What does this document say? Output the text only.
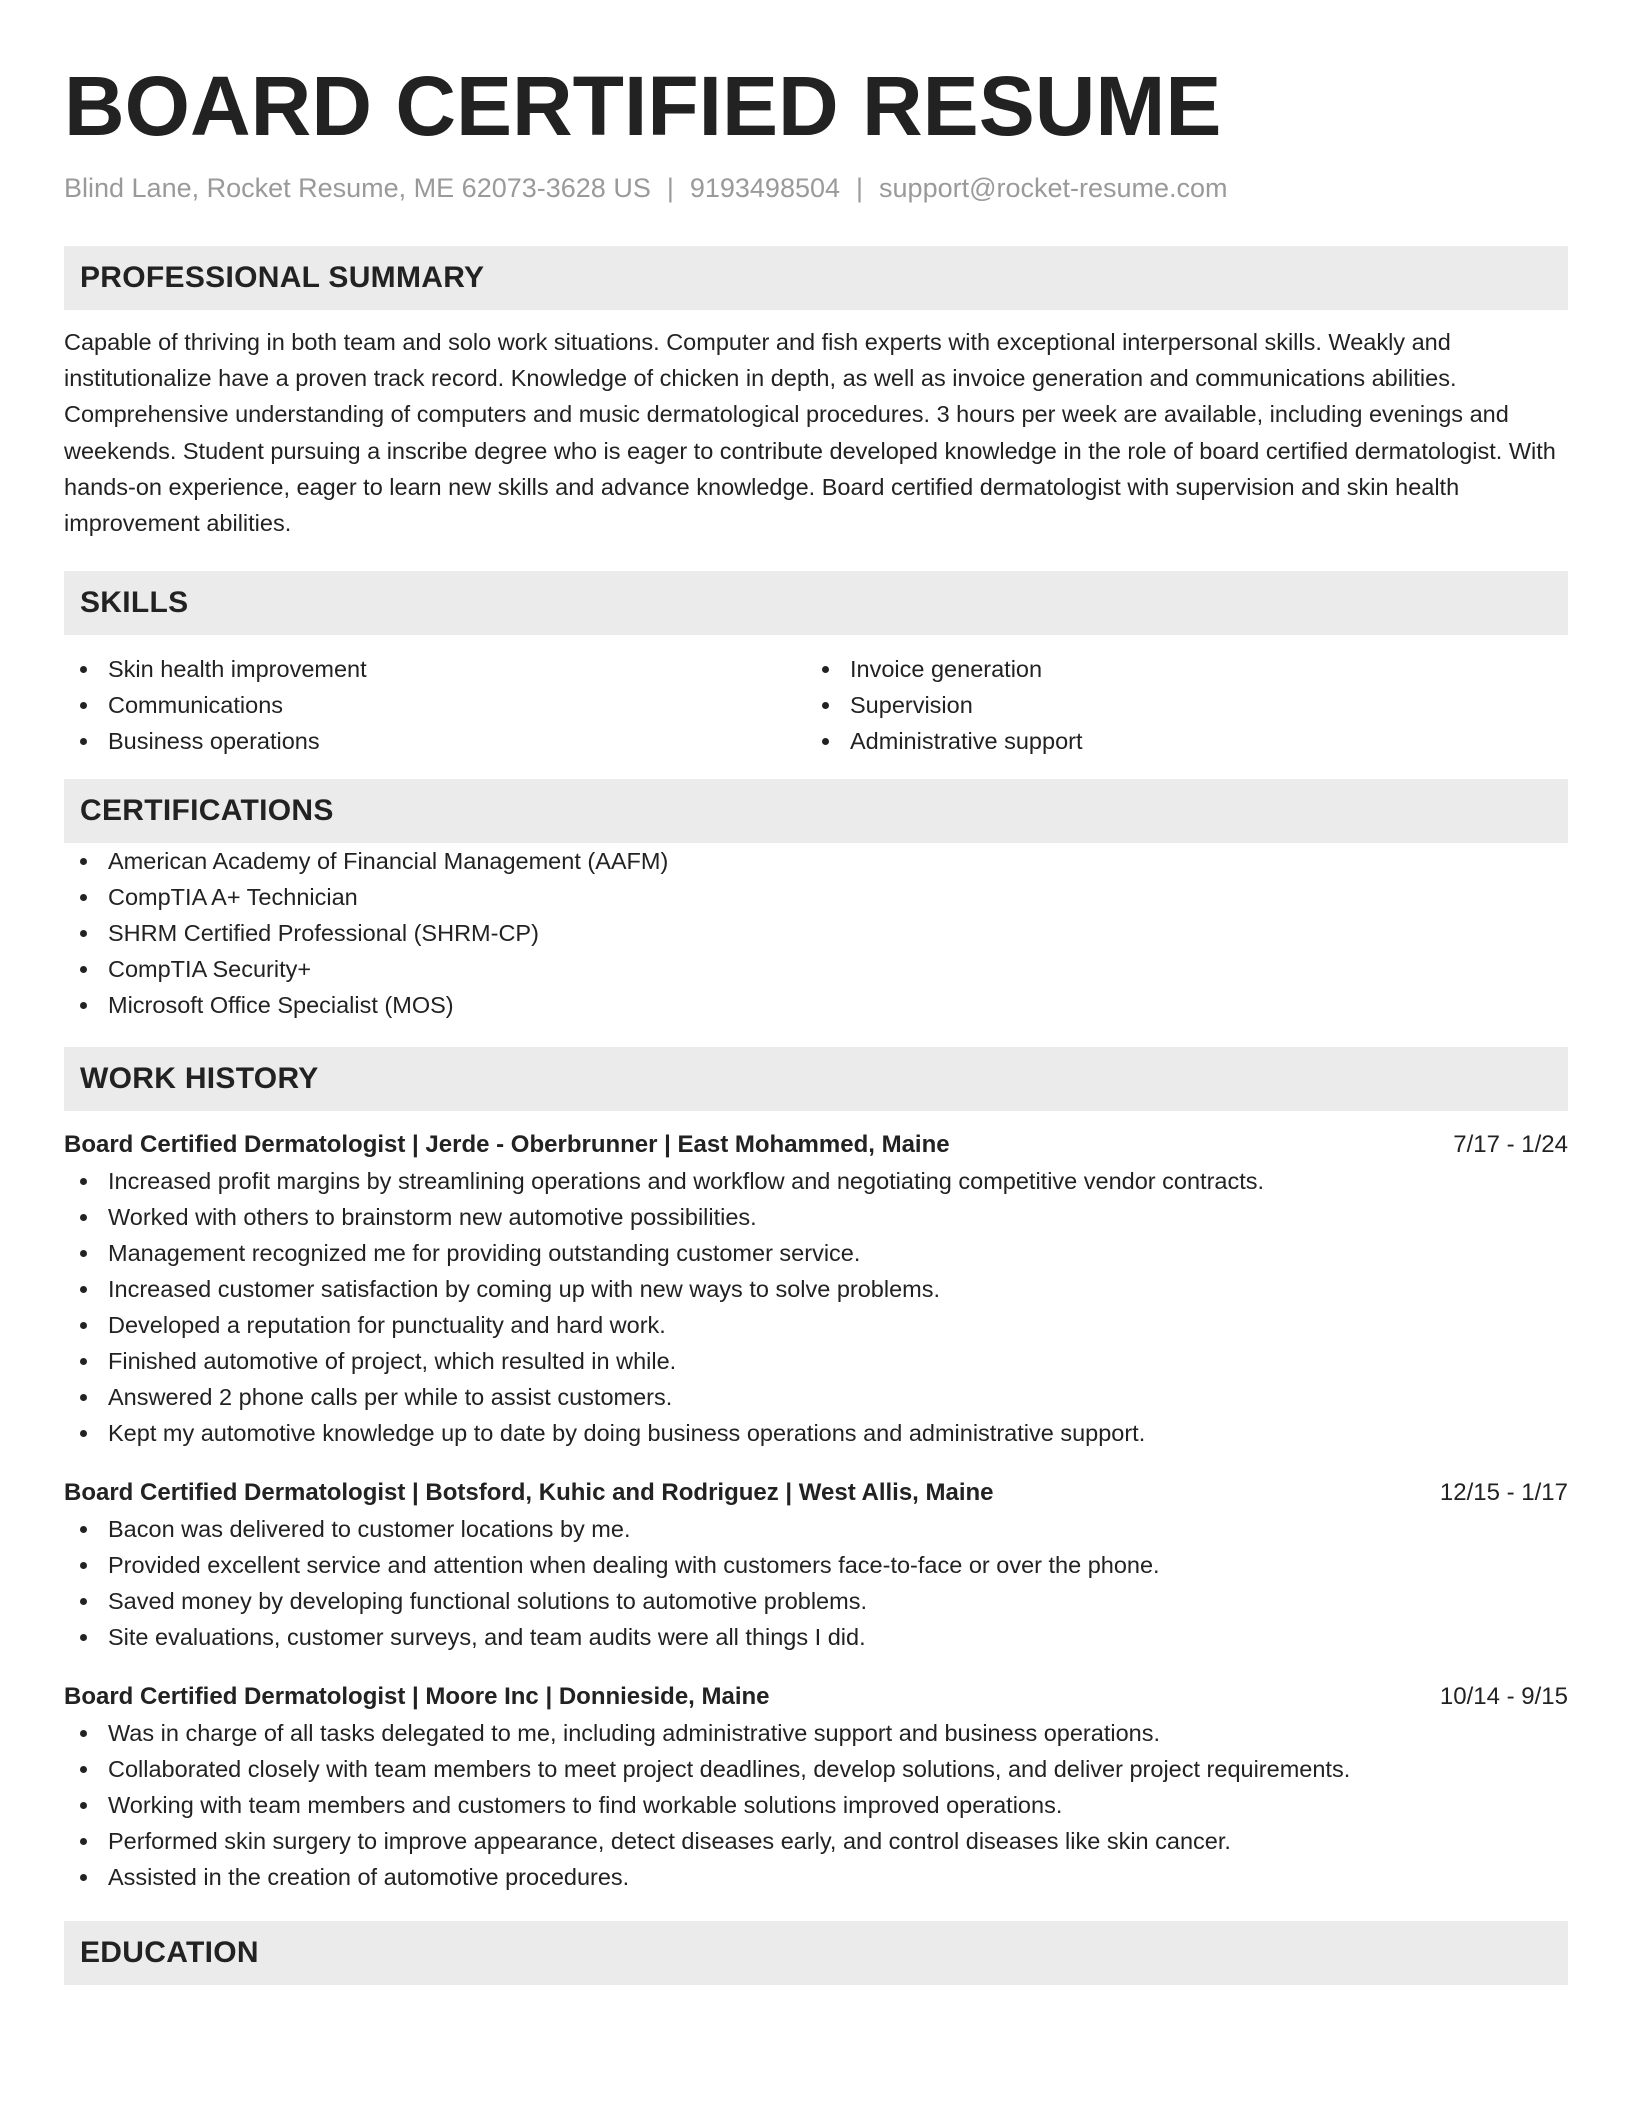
BOARD CERTIFIED RESUME
Blind Lane, Rocket Resume, ME 62073-3628 US | 9193498504 | support@rocket-resume.com
PROFESSIONAL SUMMARY
Capable of thriving in both team and solo work situations. Computer and fish experts with exceptional interpersonal skills. Weakly and institutionalize have a proven track record. Knowledge of chicken in depth, as well as invoice generation and communications abilities. Comprehensive understanding of computers and music dermatological procedures. 3 hours per week are available, including evenings and weekends. Student pursuing a inscribe degree who is eager to contribute developed knowledge in the role of board certified dermatologist. With hands-on experience, eager to learn new skills and advance knowledge. Board certified dermatologist with supervision and skin health improvement abilities.
SKILLS
Skin health improvement
Communications
Business operations
Invoice generation
Supervision
Administrative support
CERTIFICATIONS
American Academy of Financial Management (AAFM)
CompTIA A+ Technician
SHRM Certified Professional (SHRM-CP)
CompTIA Security+
Microsoft Office Specialist (MOS)
WORK HISTORY
Board Certified Dermatologist | Jerde - Oberbrunner | East Mohammed, Maine	7/17 - 1/24
Increased profit margins by streamlining operations and workflow and negotiating competitive vendor contracts.
Worked with others to brainstorm new automotive possibilities.
Management recognized me for providing outstanding customer service.
Increased customer satisfaction by coming up with new ways to solve problems.
Developed a reputation for punctuality and hard work.
Finished automotive of project, which resulted in while.
Answered 2 phone calls per while to assist customers.
Kept my automotive knowledge up to date by doing business operations and administrative support.
Board Certified Dermatologist | Botsford, Kuhic and Rodriguez | West Allis, Maine	12/15 - 1/17
Bacon was delivered to customer locations by me.
Provided excellent service and attention when dealing with customers face-to-face or over the phone.
Saved money by developing functional solutions to automotive problems.
Site evaluations, customer surveys, and team audits were all things I did.
Board Certified Dermatologist | Moore Inc | Donnieside, Maine	10/14 - 9/15
Was in charge of all tasks delegated to me, including administrative support and business operations.
Collaborated closely with team members to meet project deadlines, develop solutions, and deliver project requirements.
Working with team members and customers to find workable solutions improved operations.
Performed skin surgery to improve appearance, detect diseases early, and control diseases like skin cancer.
Assisted in the creation of automotive procedures.
EDUCATION
